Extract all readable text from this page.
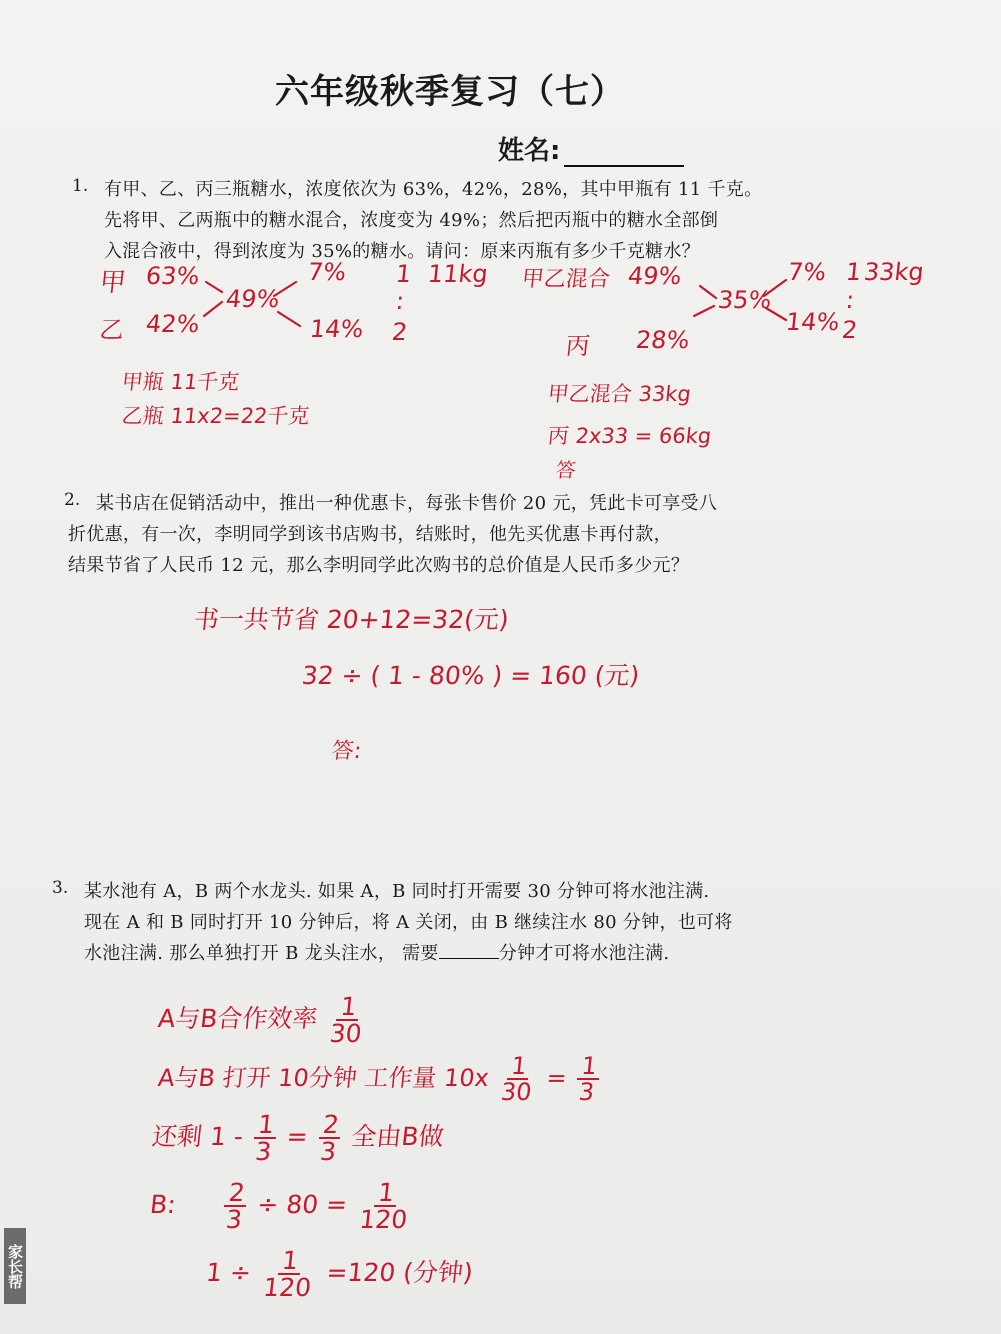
六年级秋季复习（七）
姓名:
1. 有甲、乙、丙三瓶糖水，浓度依次为 63%，42%，28%，其中甲瓶有 11 千克。
先将甲、乙两瓶中的糖水混合，浓度变为 49%；然后把丙瓶中的糖水全部倒
入混合液中，得到浓度为 35%的糖水。请问：原来丙瓶有多少千克糖水？
甲 63%
乙 42%
49%
7%
14%
1
:
2
11kg 甲乙混合 49%
丙 28%
35%
7%
14%
1 33kg
:
2
甲瓶 11千克
乙瓶 11x2=22千克
甲乙混合 33kg
丙 2x33 = 66kg
答
2. 某书店在促销活动中，推出一种优惠卡，每张卡售价 20 元，凭此卡可享受八
折优惠，有一次，李明同学到该书店购书，结账时，他先买优惠卡再付款，
结果节省了人民币 12 元，那么李明同学此次购书的总价值是人民币多少元？
书一共节省 20+12=32(元)
32 ÷ ( 1 - 80% ) = 160 (元)
答:
3. 某水池有 A，B 两个水龙头. 如果 A，B 同时打开需要 30 分钟可将水池注满.
现在 A 和 B 同时打开 10 分钟后，将 A 关闭，由 B 继续注水 80 分钟，也可将
水池注满. 那么单独打开 B 龙头注水， 需要	分钟才可将水池注满.
A与B合作效率 $\frac{1}{30}$
A与B 打开 10分钟 工作量 $10x \frac{1}{30} = \frac{1}{3}$
还剩 $1 - \frac{1}{3} = \frac{2}{3}$ 全由B做
B: $\frac{2}{3} \div 80 = \frac{1}{120}$
$1 \div \frac{1}{120} =120$ (分钟)
家长帮
